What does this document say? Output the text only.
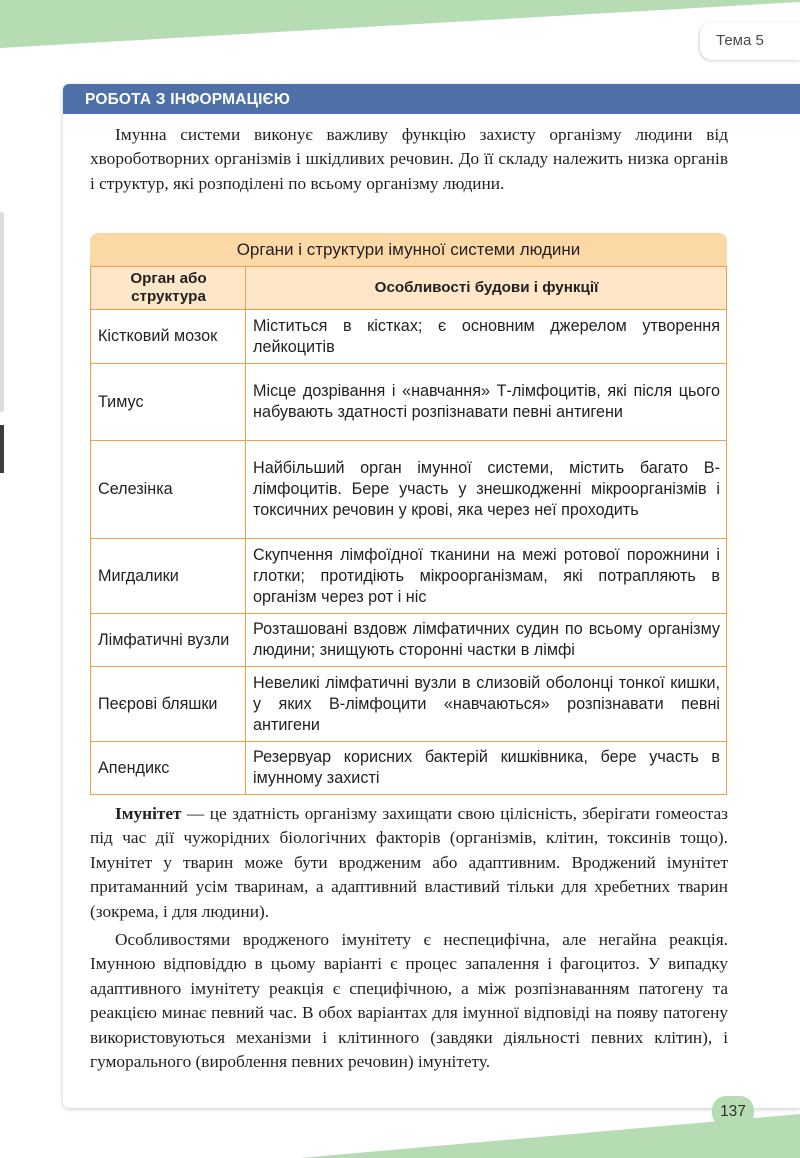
Тема 5
РОБОТА З ІНФОРМАЦІЄЮ

Імунна системи виконує важливу функцію захисту організму людини від хвороботворних організмів і шкідливих речовин. До її складу належить низка органів і структур, які розподілені по всьому організму людини.

Органи і структури імунної системи людини
Орган або структура	Особливості будови і функції
Кістковий мозок	Міститься в кістках; є основним джерелом утворення лейкоцитів
Тимус	Місце дозрівання і «навчання» Т-лімфоцитів, які після цього набувають здатності розпізнавати певні антигени
Селезінка	Найбільший орган імунної системи, містить багато В-лімфоцитів. Бере участь у знешкодженні мікроорганізмів і токсичних речовин у крові, яка через неї проходить
Мигдалики	Скупчення лімфоїдної тканини на межі ротової порожнини і глотки; протидіють мікроорганізмам, які потрапляють в організм через рот і ніс
Лімфатичні вузли	Розташовані вздовж лімфатичних судин по всьому організму людини; знищують сторонні частки в лімфі
Пеєрові бляшки	Невеликі лімфатичні вузли в слизовій оболонці тонкої кишки, у яких В-лімфоцити «навчаються» розпізнавати певні антигени
Апендикс	Резервуар корисних бактерій кишківника, бере участь в імунному захисті

Імунітет — це здатність організму захищати свою цілісність, зберігати гомеостаз під час дії чужорідних біологічних факторів (організмів, клітин, токсинів тощо). Імунітет у тварин може бути вродженим або адаптивним. Вроджений імунітет притаманний усім тваринам, а адаптивний властивий тільки для хребетних тварин (зокрема, і для людини).

Особливостями вродженого імунітету є неспецифічна, але негайна реакція. Імунною відповіддю в цьому варіанті є процес запалення і фагоцитоз. У випадку адаптивного імунітету реакція є специфічною, а між розпізнаванням патогену та реакцією минає певний час. В обох варіантах для імунної відповіді на появу патогену використовуються механізми і клітинного (завдяки діяльності певних клітин), і гуморального (вироблення певних речовин) імунітету.

137
